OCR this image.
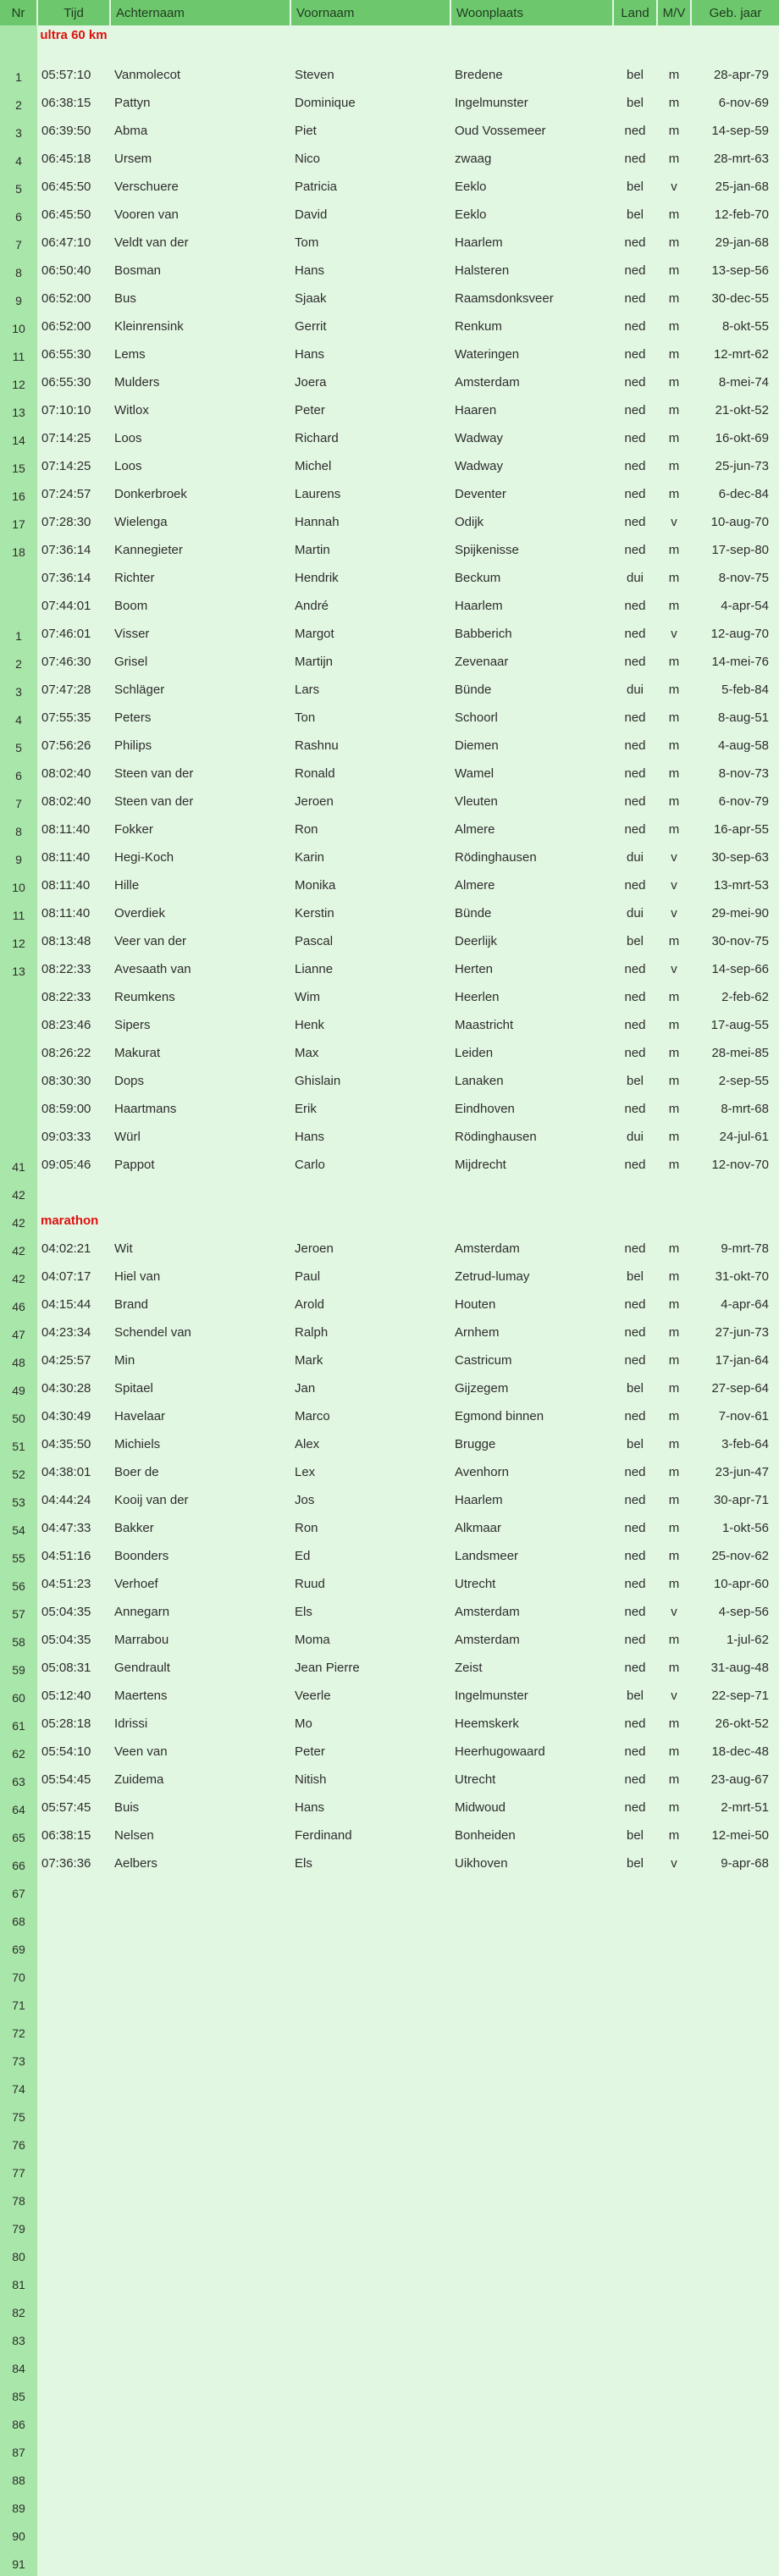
Nr	Tijd	Achternaam	Voornaam	Woonplaats	Land	M/V	Geb. jaar
	ultra 60 km						
1	05:57:10	Vanmolecot	Steven	Bredene	bel	m	28-apr-79
2	06:38:15	Pattyn	Dominique	Ingelmunster	bel	m	6-nov-69
3	06:39:50	Abma	Piet	Oud Vossemeer	ned	m	14-sep-59
4	06:45:18	Ursem	Nico	zwaag	ned	m	28-mrt-63
5	06:45:50	Verschuere	Patricia	Eeklo	bel	v	25-jan-68
6	06:45:50	Vooren van	David	Eeklo	bel	m	12-feb-70
7	06:47:10	Veldt van der	Tom	Haarlem	ned	m	29-jan-68
8	06:50:40	Bosman	Hans	Halsteren	ned	m	13-sep-56
9	06:52:00	Bus	Sjaak	Raamsdonksveer	ned	m	30-dec-55
10	06:52:00	Kleinrensink	Gerrit	Renkum	ned	m	8-okt-55
11	06:55:30	Lems	Hans	Wateringen	ned	m	12-mrt-62
12	06:55:30	Mulders	Joera	Amsterdam	ned	m	8-mei-74
13	07:10:10	Witlox	Peter	Haaren	ned	m	21-okt-52
14	07:14:25	Loos	Richard	Wadway	ned	m	16-okt-69
15	07:14:25	Loos	Michel	Wadway	ned	m	25-jun-73
16	07:24:57	Donkerbroek	Laurens	Deventer	ned	m	6-dec-84
17	07:28:30	Wielenga	Hannah	Odijk	ned	v	10-aug-70
18	07:36:14	Kannegieter	Martin	Spijkenisse	ned	m	17-sep-80
	07:36:14	Richter	Hendrik	Beckum	dui	m	8-nov-75
	07:44:01	Boom	André	Haarlem	ned	m	4-apr-54
1	07:46:01	Visser	Margot	Babberich	ned	v	12-aug-70
2	07:46:30	Grisel	Martijn	Zevenaar	ned	m	14-mei-76
3	07:47:28	Schläger	Lars	Bünde	dui	m	5-feb-84
4	07:55:35	Peters	Ton	Schoorl	ned	m	8-aug-51
5	07:56:26	Philips	Rashnu	Diemen	ned	m	4-aug-58
6	08:02:40	Steen van der	Ronald	Wamel	ned	m	8-nov-73
7	08:02:40	Steen van der	Jeroen	Vleuten	ned	m	6-nov-79
8	08:11:40	Fokker	Ron	Almere	ned	m	16-apr-55
9	08:11:40	Hegi-Koch	Karin	Rödinghausen	dui	v	30-sep-63
10	08:11:40	Hille	Monika	Almere	ned	v	13-mrt-53
11	08:11:40	Overdiek	Kerstin	Bünde	dui	v	29-mei-90
12	08:13:48	Veer van der	Pascal	Deerlijk	bel	m	30-nov-75
13	08:22:33	Avesaath van	Lianne	Herten	ned	v	14-sep-66
	08:22:33	Reumkens	Wim	Heerlen	ned	m	2-feb-62
	08:23:46	Sipers	Henk	Maastricht	ned	m	17-aug-55
	08:26:22	Makurat	Max	Leiden	ned	m	28-mei-85
	08:30:30	Dops	Ghislain	Lanaken	bel	m	2-sep-55
	08:59:00	Haartmans	Erik	Eindhoven	ned	m	8-mrt-68
	09:03:33	Würl	Hans	Rödinghausen	dui	m	24-jul-61
41	09:05:46	Pappot	Carlo	Mijdrecht	ned	m	12-nov-70
42							
42	marathon						
42	04:02:21	Wit	Jeroen	Amsterdam	ned	m	9-mrt-78
42	04:07:17	Hiel van	Paul	Zetrud-lumay	bel	m	31-okt-70
46	04:15:44	Brand	Arold	Houten	ned	m	4-apr-64
47	04:23:34	Schendel van	Ralph	Arnhem	ned	m	27-jun-73
48	04:25:57	Min	Mark	Castricum	ned	m	17-jan-64
49	04:30:28	Spitael	Jan	Gijzegem	bel	m	27-sep-64
50	04:30:49	Havelaar	Marco	Egmond binnen	ned	m	7-nov-61
51	04:35:50	Michiels	Alex	Brugge	bel	m	3-feb-64
52	04:38:01	Boer de	Lex	Avenhorn	ned	m	23-jun-47
53	04:44:24	Kooij van der	Jos	Haarlem	ned	m	30-apr-71
54	04:47:33	Bakker	Ron	Alkmaar	ned	m	1-okt-56
55	04:51:16	Boonders	Ed	Landsmeer	ned	m	25-nov-62
56	04:51:23	Verhoef	Ruud	Utrecht	ned	m	10-apr-60
57	05:04:35	Annegarn	Els	Amsterdam	ned	v	4-sep-56
58	05:04:35	Marrabou	Moma	Amsterdam	ned	m	1-jul-62
59	05:08:31	Gendrault	Jean Pierre	Zeist	ned	m	31-aug-48
60	05:12:40	Maertens	Veerle	Ingelmunster	bel	v	22-sep-71
61	05:28:18	Idrissi	Mo	Heemskerk	ned	m	26-okt-52
62	05:54:10	Veen van	Peter	Heerhugowaard	ned	m	18-dec-48
63	05:54:45	Zuidema	Nitish	Utrecht	ned	m	23-aug-67
64	05:57:45	Buis	Hans	Midwoud	ned	m	2-mrt-51
65	06:38:15	Nelsen	Ferdinand	Bonheiden	bel	m	12-mei-50
66	07:36:36	Aelbers	Els	Uikhoven	bel	v	9-apr-68
67							
68							
69							
70							
71							
72							
73							
74							
75							
76							
77							
78							
79							
80							
81							
82							
83							
84							
85							
86							
87							
88							
89							
90							
91							
